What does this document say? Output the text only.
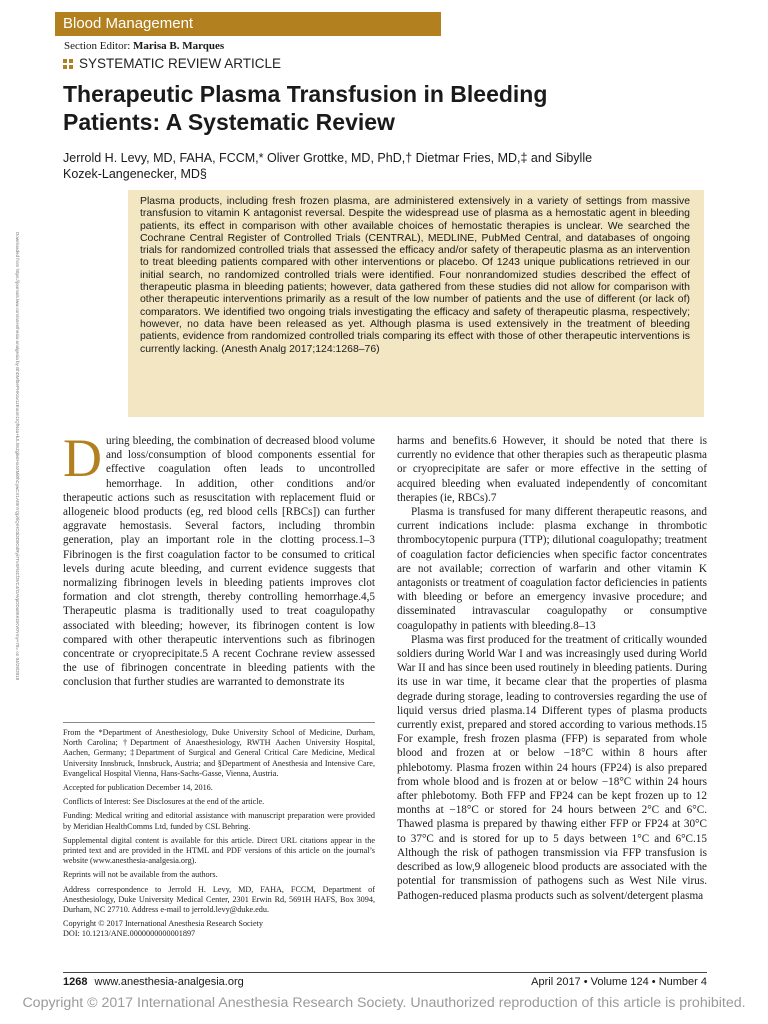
Blood Management
Section Editor: Marisa B. Marques
SYSTEMATIC REVIEW ARTICLE
Therapeutic Plasma Transfusion in Bleeding Patients: A Systematic Review
Jerrold H. Levy, MD, FAHA, FCCM,* Oliver Grottke, MD, PhD,† Dietmar Fries, MD,‡ and Sibylle Kozek-Langenecker, MD§
Downloaded from https://journals.lww.com/anesthesia-analgesia by BhDMf5ePHKav1zEoum1tQfN4a+kJLhEZgbsIHo4XMi0hCywCX1AWnYQp/IlQrHD3i3D0OdRyi7TvSFl4Cf3VC4/OAVpDDa8KKGKV0Ymy+78= on 04/28/2018
Plasma products, including fresh frozen plasma, are administered extensively in a variety of settings from massive transfusion to vitamin K antagonist reversal. Despite the widespread use of plasma as a hemostatic agent in bleeding patients, its effect in comparison with other available choices of hemostatic therapies is unclear. We searched the Cochrane Central Register of Controlled Trials (CENTRAL), MEDLINE, PubMed Central, and databases of ongoing trials for randomized controlled trials that assessed the efficacy and/or safety of therapeutic plasma as an intervention to treat bleeding patients compared with other interventions or placebo. Of 1243 unique publications retrieved in our initial search, no randomized controlled trials were identified. Four nonrandomized studies described the effect of therapeutic plasma in bleeding patients; however, data gathered from these studies did not allow for comparison with other therapeutic interventions primarily as a result of the low number of patients and the use of different (or lack of) comparators. We identified two ongoing trials investigating the efficacy and safety of therapeutic plasma, respectively; however, no data have been released as yet. Although plasma is used extensively in the treatment of bleeding patients, evidence from randomized controlled trials comparing its effect with those of other therapeutic interventions is currently lacking. (Anesth Analg 2017;124:1268–76)

During bleeding, the combination of decreased blood volume and loss/consumption of blood components essential for effective coagulation often leads to uncontrolled hemorrhage. In addition, other conditions and/or therapeutic actions such as resuscitation with replacement fluid or allogeneic blood products (eg, red blood cells [RBCs]) can further aggravate hemostasis. Several factors, including thrombin generation, play an important role in the clotting process.1–3 Fibrinogen is the first coagulation factor to be consumed to critical levels during acute bleeding, and current evidence suggests that normalizing fibrinogen levels in bleeding patients improves clot formation and clot strength, thereby controlling hemorrhage.4,5 Therapeutic plasma is traditionally used to treat coagulopathy associated with bleeding; however, its fibrinogen content is low compared with other therapeutic interventions such as fibrinogen concentrate or cryoprecipitate.5 A recent Cochrane review assessed the use of fibrinogen concentrate in bleeding patients with the conclusion that further studies are warranted to demonstrate its

From the *Department of Anesthesiology, Duke University School of Medicine, Durham, North Carolina; †Department of Anaesthesiology, RWTH Aachen University Hospital, Aachen, Germany; ‡Department of Surgical and General Critical Care Medicine, Medical University Innsbruck, Innsbruck, Austria; and §Department of Anesthesia and Intensive Care, Evangelical Hospital Vienna, Hans-Sachs-Gasse, Vienna, Austria.

Accepted for publication December 14, 2016.

Conflicts of Interest: See Disclosures at the end of the article.

Funding: Medical writing and editorial assistance with manuscript preparation were provided by Meridian HealthComms Ltd, funded by CSL Behring.

Supplemental digital content is available for this article. Direct URL citations appear in the printed text and are provided in the HTML and PDF versions of this article on the journal’s website (www.anesthesia-analgesia.org).

Reprints will not be available from the authors.

Address correspondence to Jerrold H. Levy, MD, FAHA, FCCM, Department of Anesthesiology, Duke University Medical Center, 2301 Erwin Rd, 5691H HAFS, Box 3094, Durham, NC 27710. Address e-mail to jerrold.levy@duke.edu.

Copyright © 2017 International Anesthesia Research Society

DOI: 10.1213/ANE.0000000000001897

harms and benefits.6 However, it should be noted that there is currently no evidence that other therapies such as therapeutic plasma or cryoprecipitate are safer or more effective in the setting of acquired bleeding when evaluated independently of concomitant therapies (ie, RBCs).7

Plasma is transfused for many different therapeutic reasons, and current indications include: plasma exchange in thrombotic thrombocytopenic purpura (TTP); dilutional coagulopathy; treatment of coagulation factor deficiencies when specific factor concentrates are not available; correction of warfarin and other vitamin K antagonists or treatment of coagulation factor deficiencies in patients with bleeding or before an emergency invasive procedure; and disseminated intravascular coagulopathy or consumptive coagulopathy in patients with bleeding.8–13

Plasma was first produced for the treatment of critically wounded soldiers during World War I and was increasingly used during World War II and has since been used routinely in bleeding patients. During its use in war time, it became clear that the properties of plasma degrade during storage, leading to controversies regarding the use of liquid versus dried plasma.14 Different types of plasma products currently exist, prepared and stored according to various methods.15 For example, fresh frozen plasma (FFP) is separated from whole blood and frozen at or below −18°C within 8 hours after phlebotomy. Plasma frozen within 24 hours (FP24) is also prepared from whole blood and is frozen at or below −18°C within 24 hours after phlebotomy. Both FFP and FP24 can be kept frozen up to 12 months at −18°C or stored for 24 hours between 2°C and 6°C. Thawed plasma is prepared by thawing either FFP or FP24 at 30°C to 37°C and is stored for up to 5 days between 1°C and 6°C.15 Although the risk of pathogen transmission via FFP transfusion is described as low,9 allogeneic blood products are associated with the potential for transmission of pathogens such as West Nile virus. Pathogen-reduced plasma products such as solvent/detergent plasma

1268 www.anesthesia-analgesia.org	April 2017 • Volume 124 • Number 4
Copyright © 2017 International Anesthesia Research Society. Unauthorized reproduction of this article is prohibited.
